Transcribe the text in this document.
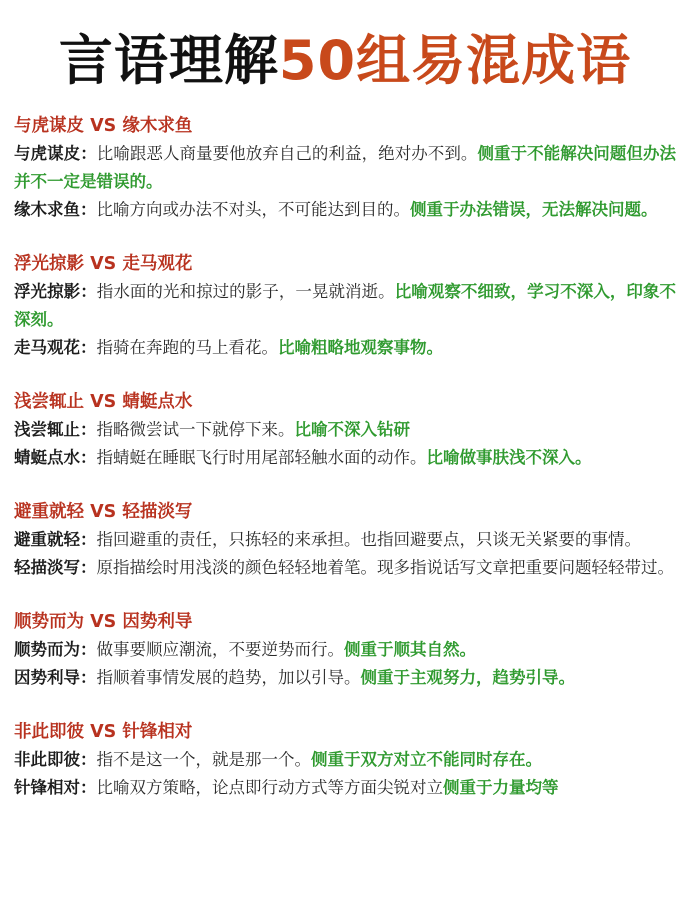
言语理解 50组易混成语
与虎谋皮 VS 缘木求鱼
与虎谋皮：比喻跟恶人商量要他放弃自己的利益，绝对办不到。侧重于不能解决问题但办法并不一定是错误的。
缘木求鱼：比喻方向或办法不对头，不可能达到目的。侧重于办法错误，无法解决问题。
浮光掠影 VS 走马观花
浮光掠影：指水面的光和掠过的影子，一晃就消逝。比喻观察不细致，学习不深入，印象不深刻。
走马观花：指骑在奔跑的马上看花。比喻粗略地观察事物。
浅尝辄止 VS 蜻蜓点水
浅尝辄止：指略微尝试一下就停下来。比喻不深入钻研
蜻蜓点水：指蜻蜓在睡眠飞行时用尾部轻触水面的动作。比喻做事肤浅不深入。
避重就轻 VS 轻描淡写
避重就轻：指回避重的责任，只拣轻的来承担。也指回避要点，只谈无关紧要的事情。
轻描淡写：原指描绘时用浅淡的颜色轻轻地着笔。现多指说话写文章把重要问题轻轻带过。
顺势而为 VS 因势利导
顺势而为：做事要顺应潮流，不要逆势而行。侧重于顺其自然。
因势利导：指顺着事情发展的趋势，加以引导。侧重于主观努力，趋势引导。
非此即彼 VS 针锋相对
非此即彼：指不是这一个，就是那一个。侧重于双方对立不能同时存在。
针锋相对：比喻双方策略，论点即行动方式等方面尖锐对立侧重于力量均等
